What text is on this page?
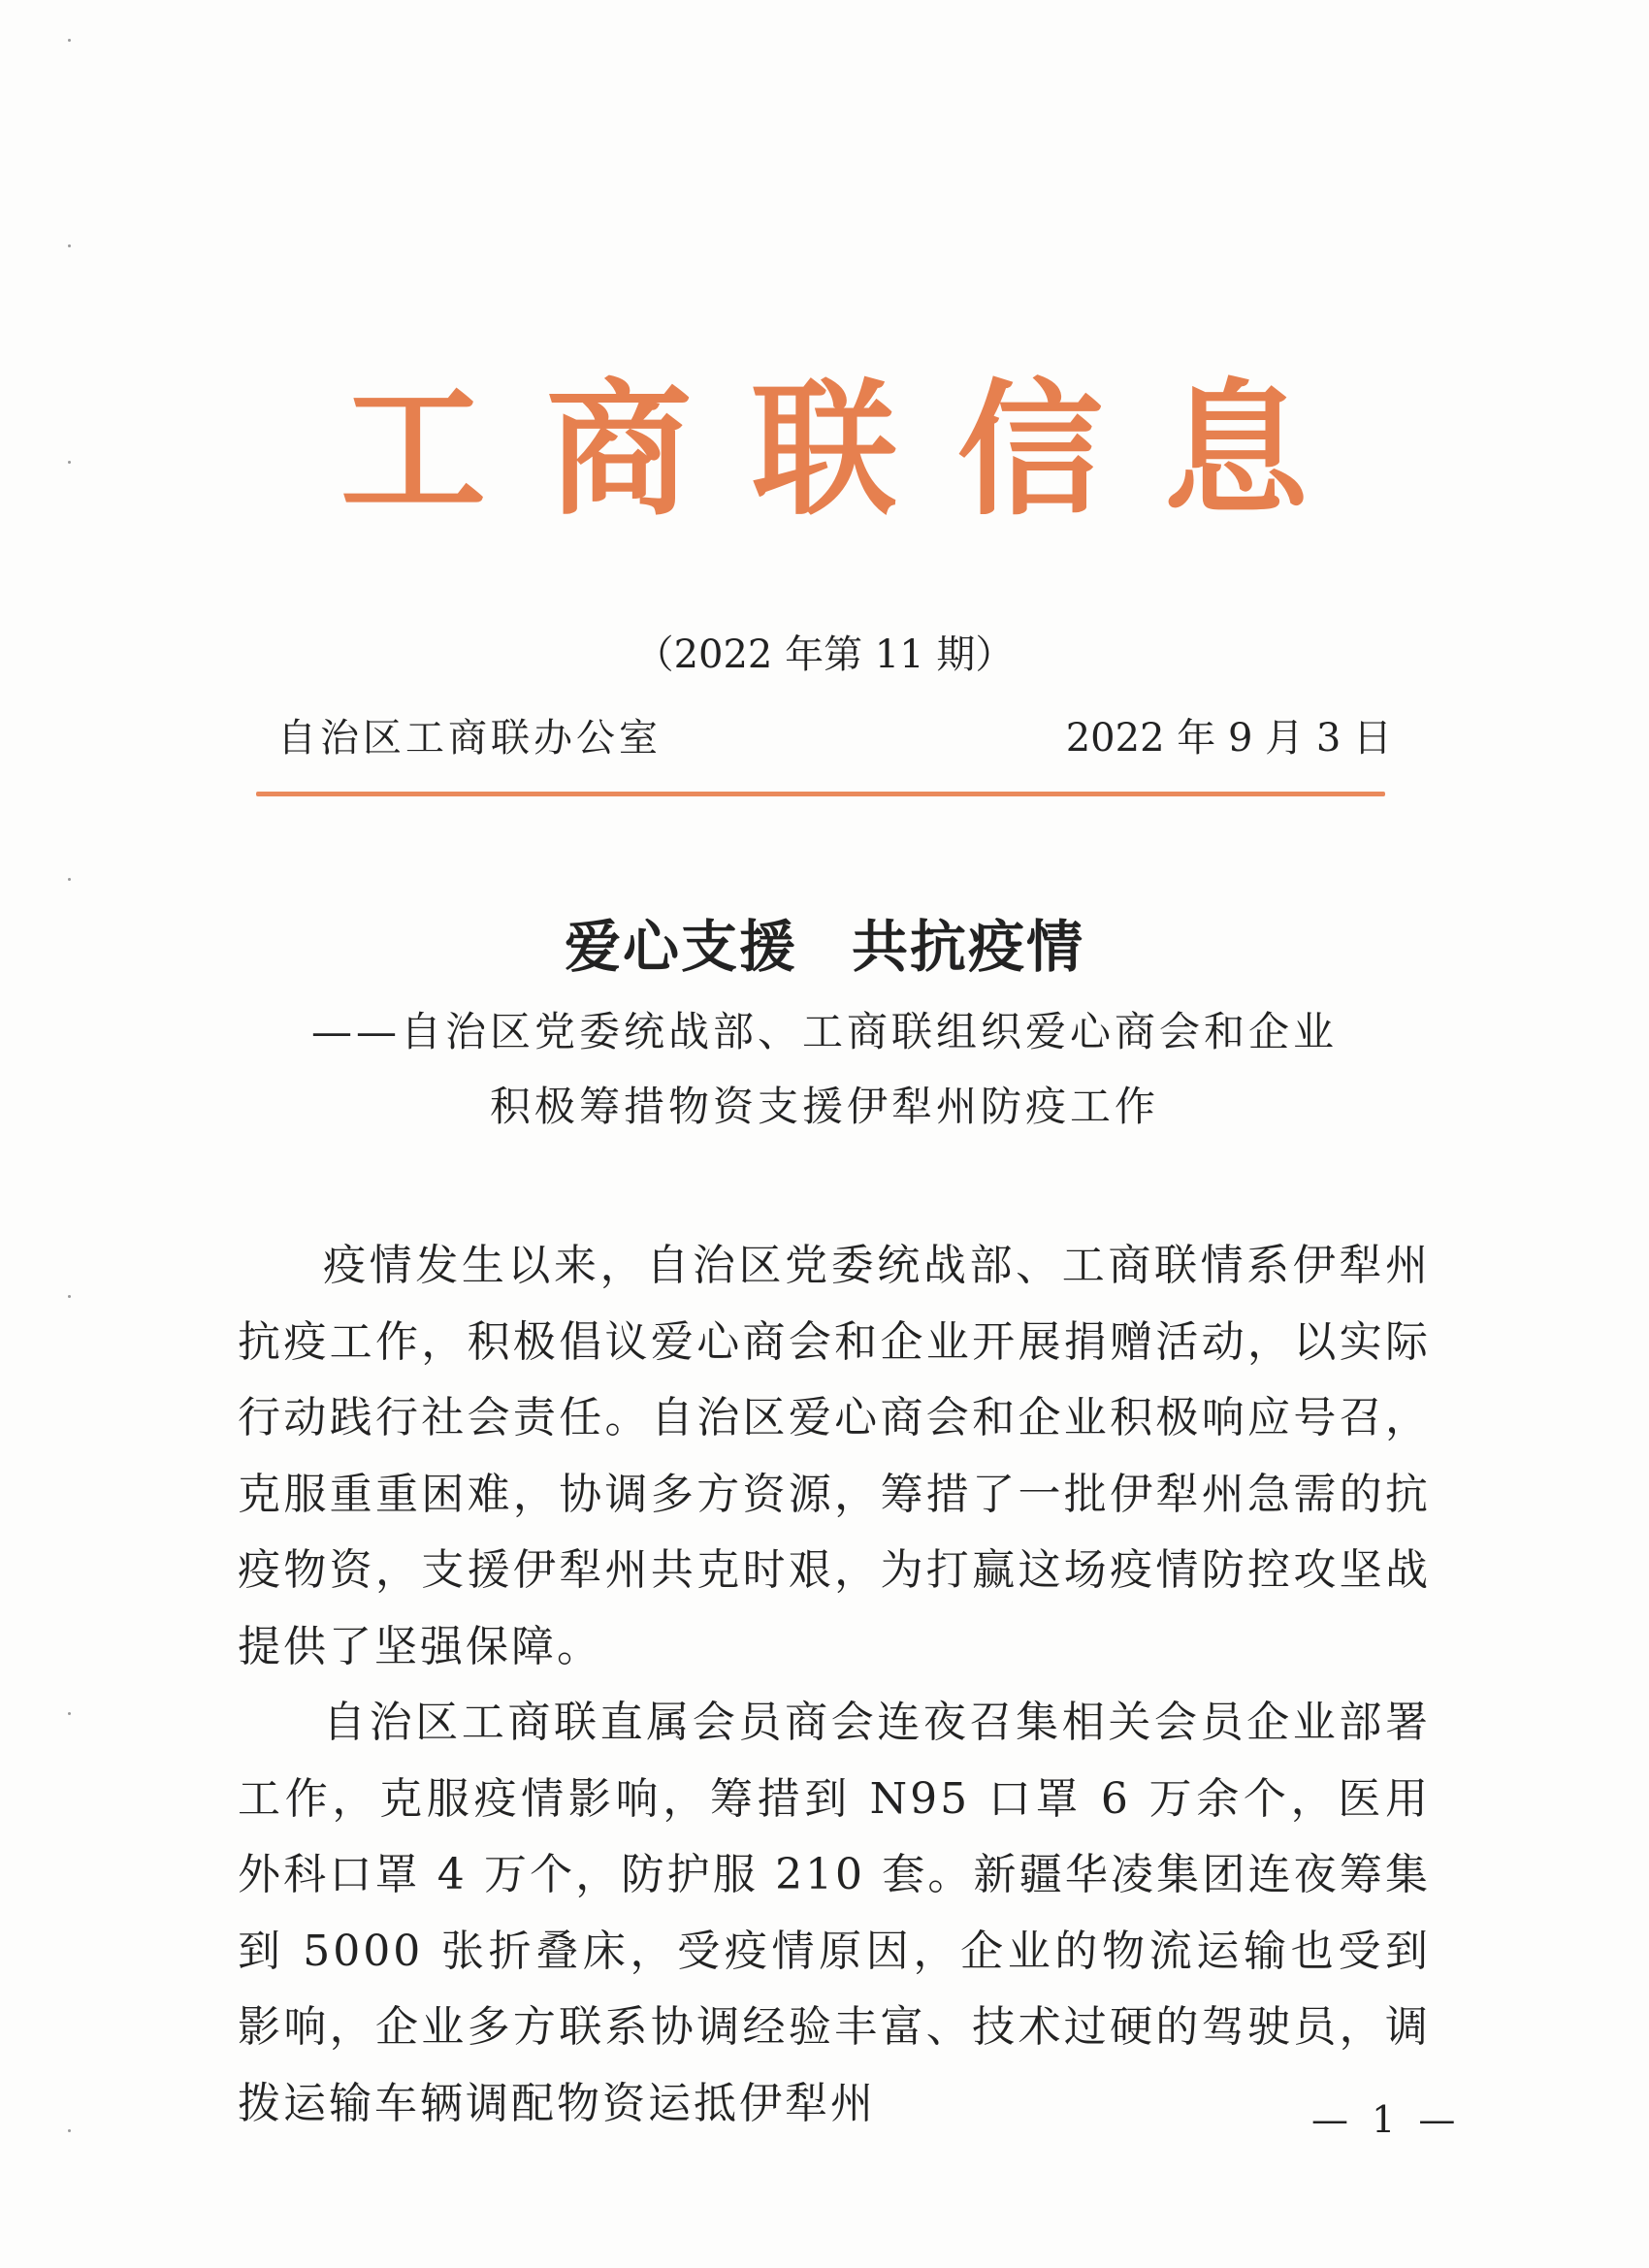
工商联信息
（2022 年第 11 期）
自治区工商联办公室	2022 年 9 月 3 日
爱心支援 共抗疫情
——自治区党委统战部、工商联组织爱心商会和企业
积极筹措物资支援伊犁州防疫工作

疫情发生以来，自治区党委统战部、工商联情系伊犁州抗疫工作，积极倡议爱心商会和企业开展捐赠活动，以实际行动践行社会责任。自治区爱心商会和企业积极响应号召，克服重重困难，协调多方资源，筹措了一批伊犁州急需的抗疫物资，支援伊犁州共克时艰，为打赢这场疫情防控攻坚战提供了坚强保障。

自治区工商联直属会员商会连夜召集相关会员企业部署工作，克服疫情影响，筹措到 N95 口罩 6 万余个，医用外科口罩 4 万个，防护服 210 套。新疆华凌集团连夜筹集到 5000 张折叠床，受疫情原因，企业的物流运输也受到影响，企业多方联系协调经验丰富、技术过硬的驾驶员，调拨运输车辆调配物资运抵伊犁州	— 1 —
